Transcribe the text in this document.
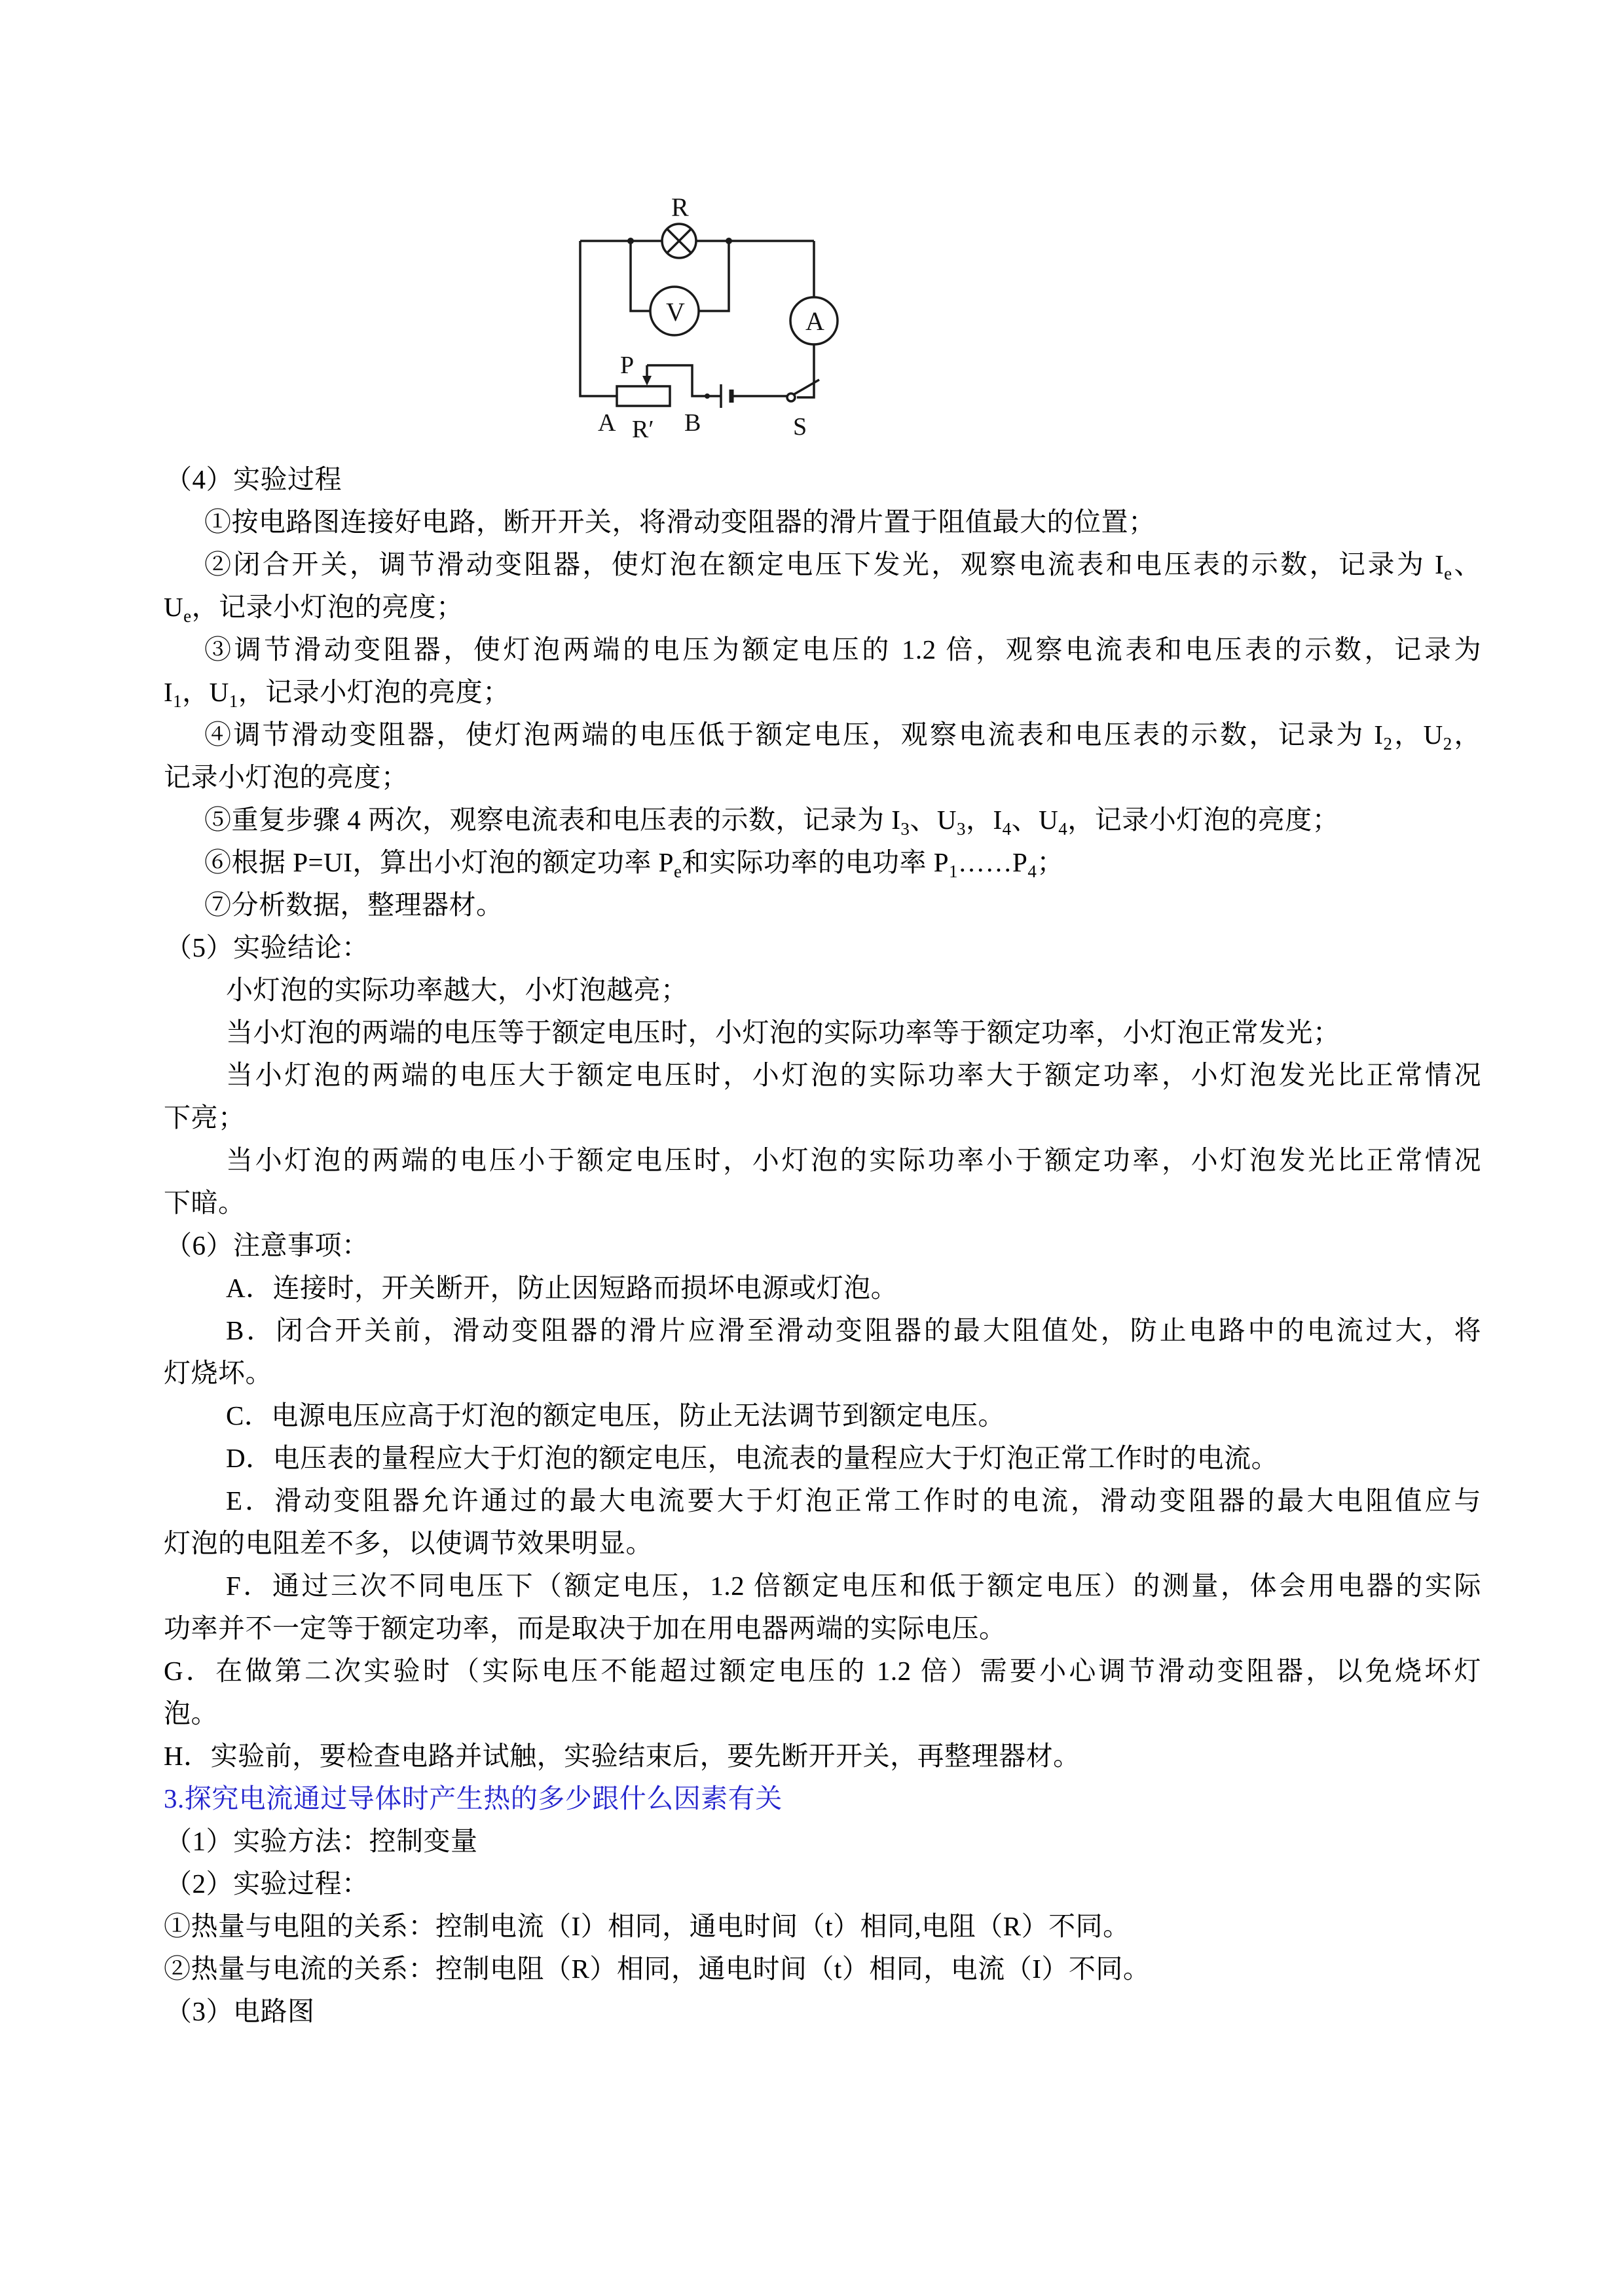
R
V	A
A R′ B	S
P
（4）实验过程
①按电路图连接好电路，断开开关，将滑动变阻器的滑片置于阻值最大的位置；
②闭合开关，调节滑动变阻器，使灯泡在额定电压下发光，观察电流表和电压表的示数，记录为 $I_e$、
$U_e$，记录小灯泡的亮度；
③调节滑动变阻器，使灯泡两端的电压为额定电压的 1.2 倍，观察电流表和电压表的示数，记录为
$I_1$，$U_1$，记录小灯泡的亮度；
④调节滑动变阻器，使灯泡两端的电压低于额定电压，观察电流表和电压表的示数，记录为 $I_2$，$U_2$，
记录小灯泡的亮度；
⑤重复步骤 4 两次，观察电流表和电压表的示数，记录为 $I_3$、$U_3$，$I_4$、$U_4$，记录小灯泡的亮度；
⑥根据 P=UI，算出小灯泡的额定功率 $P_e$和实际功率的电功率 $P_1\dots\dots P_4$；
⑦分析数据，整理器材。
（5）实验结论：
小灯泡的实际功率越大，小灯泡越亮；
当小灯泡的两端的电压等于额定电压时，小灯泡的实际功率等于额定功率，小灯泡正常发光；
当小灯泡的两端的电压大于额定电压时，小灯泡的实际功率大于额定功率，小灯泡发光比正常情况
下亮；
当小灯泡的两端的电压小于额定电压时，小灯泡的实际功率小于额定功率，小灯泡发光比正常情况
下暗。
（6）注意事项：
A．连接时，开关断开，防止因短路而损坏电源或灯泡。
B．闭合开关前，滑动变阻器的滑片应滑至滑动变阻器的最大阻值处，防止电路中的电流过大，将
灯烧坏。
C．电源电压应高于灯泡的额定电压，防止无法调节到额定电压。
D．电压表的量程应大于灯泡的额定电压，电流表的量程应大于灯泡正常工作时的电流。
E．滑动变阻器允许通过的最大电流要大于灯泡正常工作时的电流，滑动变阻器的最大电阻值应与
灯泡的电阻差不多，以使调节效果明显。
F．通过三次不同电压下（额定电压，1.2 倍额定电压和低于额定电压）的测量，体会用电器的实际
功率并不一定等于额定功率，而是取决于加在用电器两端的实际电压。
G．在做第二次实验时（实际电压不能超过额定电压的 1.2 倍）需要小心调节滑动变阻器，以免烧坏灯
泡。
H．实验前，要检查电路并试触，实验结束后，要先断开开关，再整理器材。
3.探究电流通过导体时产生热的多少跟什么因素有关
（1）实验方法：控制变量
（2）实验过程：
①热量与电阻的关系：控制电流（I）相同，通电时间（t）相同,电阻（R）不同。
②热量与电流的关系：控制电阻（R）相同，通电时间（t）相同，电流（I）不同。
（3）电路图
